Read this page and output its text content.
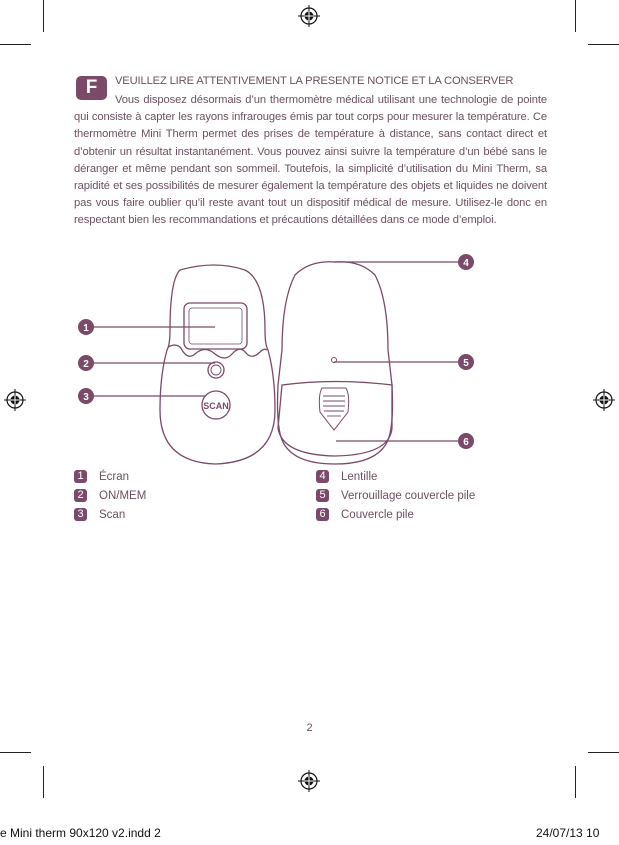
F	VEUILLEZ LIRE ATTENTIVEMENT LA PRESENTE NOTICE ET LA CONSERVER
Vous disposez désormais d’un thermomètre médical utilisant une technologie de pointe qui consiste à capter les rayons infrarouges émis par tout corps pour mesurer la température. Ce thermomètre Mini Therm permet des prises de température à distance, sans contact direct et d’obtenir un résultat instantanément. Vous pouvez ainsi suivre la température d’un bébé sans le déranger et même pendant son sommeil. Toutefois, la simplicité d’utilisation du Mini Therm, sa rapidité et ses possibilités de mesurer également la température des objets et liquides ne doivent pas vous faire oublier qu’il reste avant tout un dispositif médical de mesure. Utilisez-le donc en respectant bien les recommandations et précautions détaillées dans ce mode d’emploi.
SCAN
1
2
3
4
5
6
1 Écran
2 ON/MEM
3 Scan
4 Lentille
5 Verrouillage couvercle pile
6 Couvercle pile
2
e Mini therm 90x120 v2.indd 2	24/07/13 10
